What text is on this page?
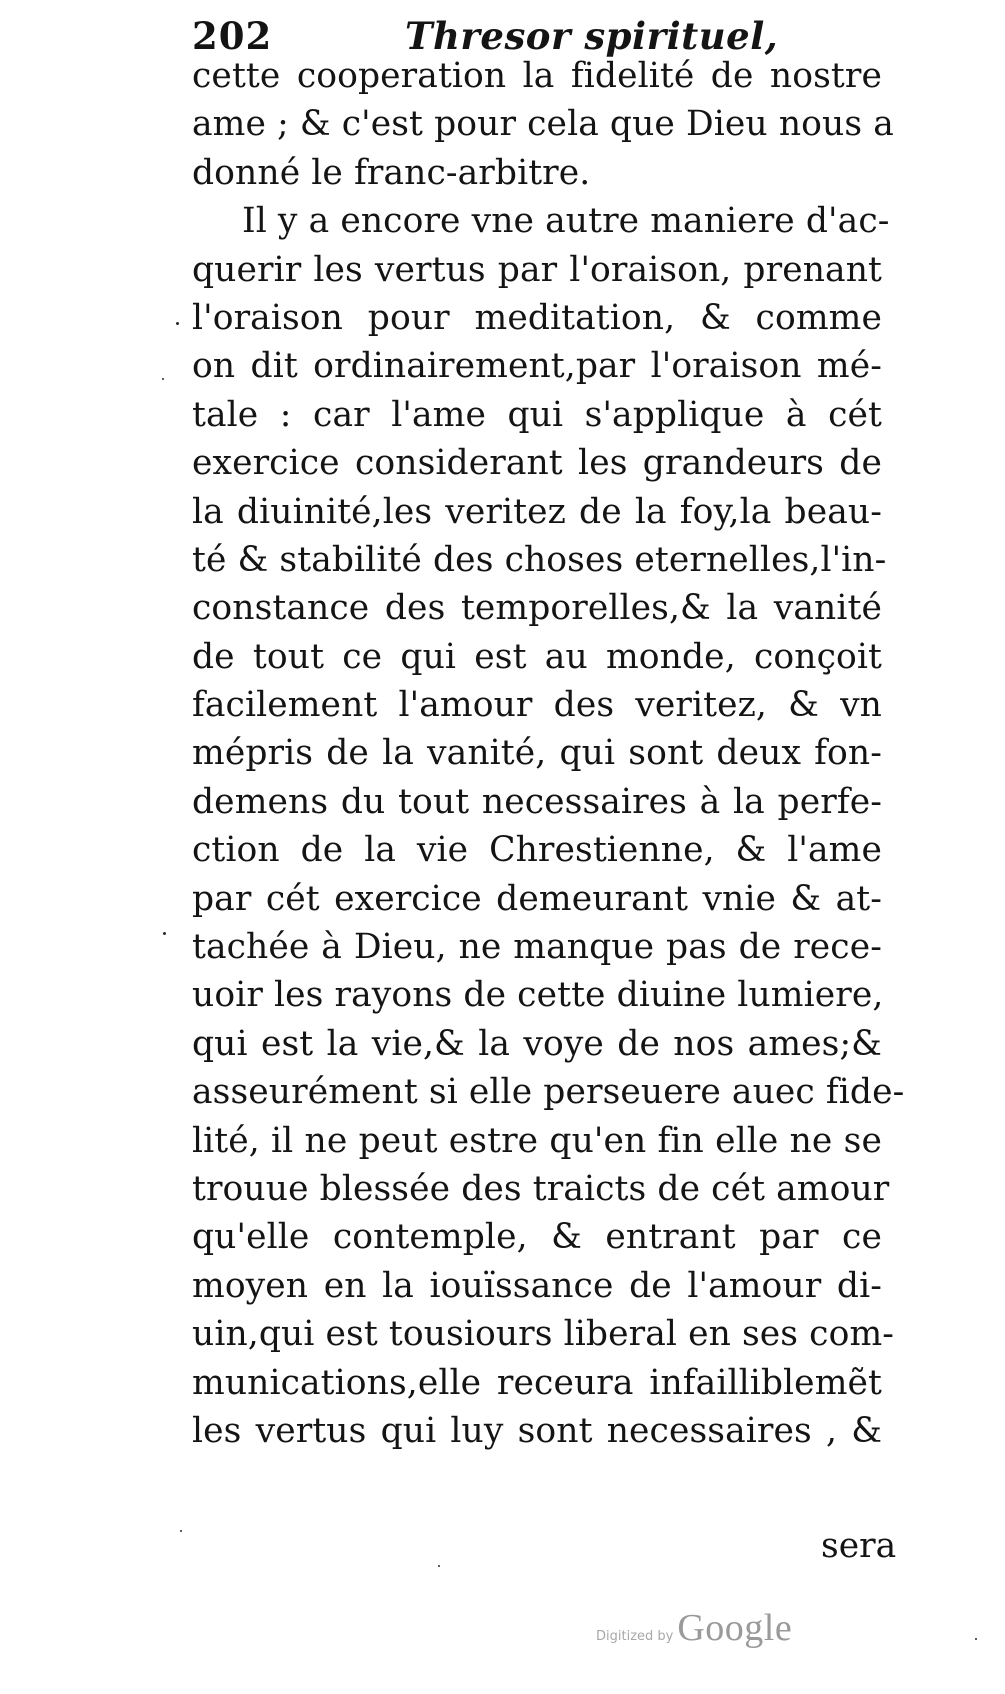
202	Thresor spirituel,
cette cooperation la fidelité de nostre
ame ; & c'est pour cela que Dieu nous a
donné le franc-arbitre.
Il y a encore vne autre maniere d'ac-
querir les vertus par l'oraison, prenant
l'oraison pour meditation, & comme
on dit ordinairement,par l'oraison mé-
tale : car l'ame qui s'applique à cét
exercice considerant les grandeurs de
la diuinité,les veritez de la foy,la beau-
té & stabilité des choses eternelles,l'in-
constance des temporelles,& la vanité
de tout ce qui est au monde, conçoit
facilement l'amour des veritez, & vn
mépris de la vanité, qui sont deux fon-
demens du tout necessaires à la perfe-
ction de la vie Chrestienne, & l'ame
par cét exercice demeurant vnie & at-
tachée à Dieu, ne manque pas de rece-
uoir les rayons de cette diuine lumiere,
qui est la vie,& la voye de nos ames;&
asseurément si elle perseuere auec fide-
lité, il ne peut estre qu'en fin elle ne se
trouue blessée des traicts de cét amour
qu'elle contemple, & entrant par ce
moyen en la iouïssance de l'amour di-
uin,qui est tousiours liberal en ses com-
munications,elle receura infailliblemẽt
les vertus qui luy sont necessaires , &
sera
Digitized by Google
